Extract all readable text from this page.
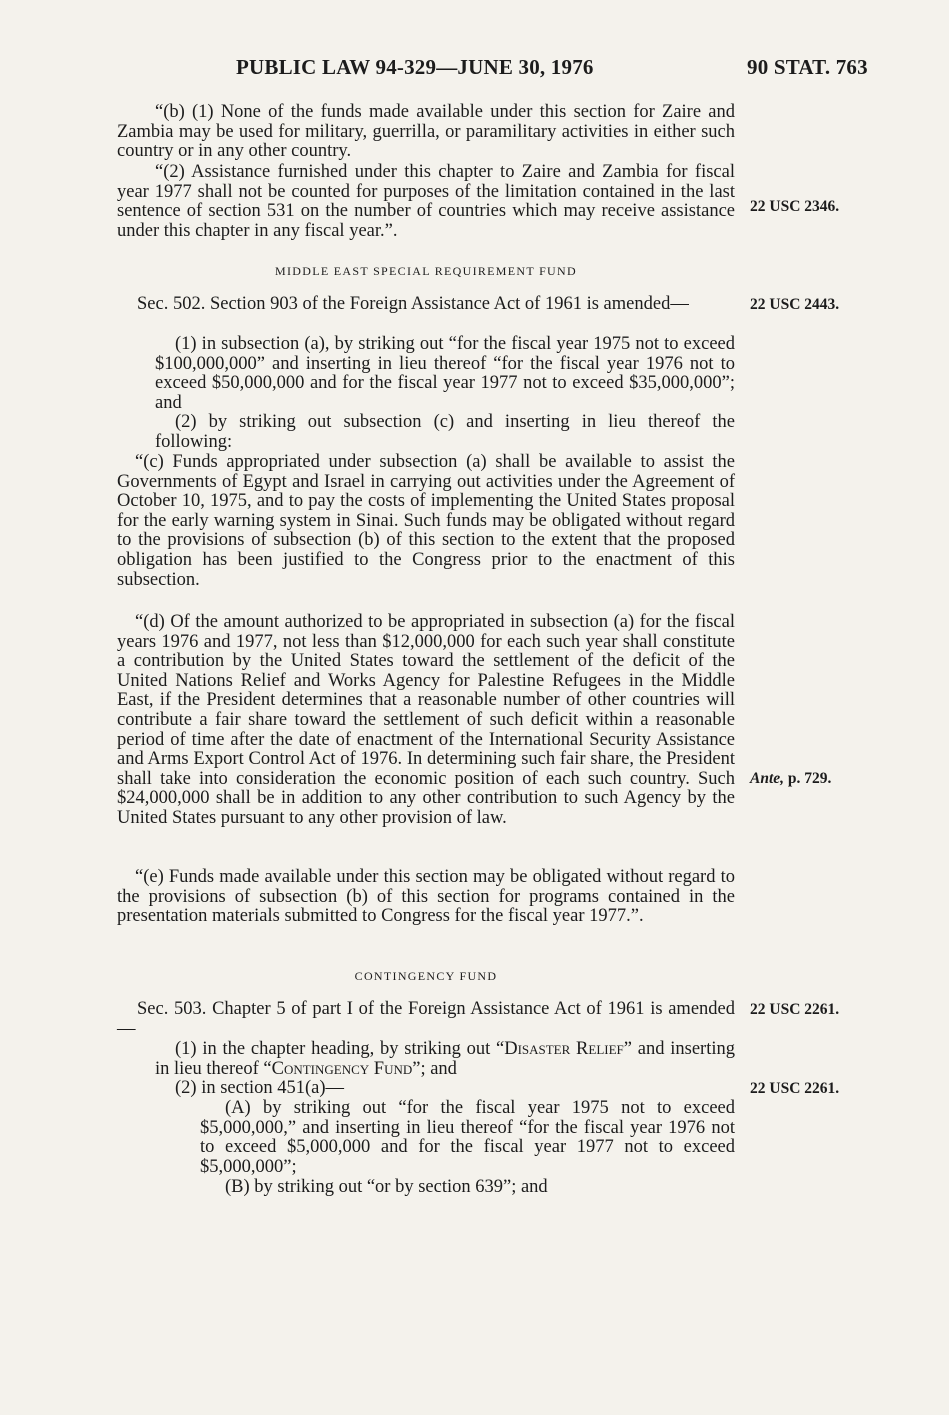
PUBLIC LAW 94-329—JUNE 30, 1976	90 STAT. 763
“(b) (1) None of the funds made available under this section for Zaire and Zambia may be used for military, guerrilla, or paramilitary activities in either such country or in any other country.
“(2) Assistance furnished under this chapter to Zaire and Zambia for fiscal year 1977 shall not be counted for purposes of the limitation contained in the last sentence of section 531 on the number of countries which may receive assistance under this chapter in any fiscal year.”.
22 USC 2346.
MIDDLE EAST SPECIAL REQUIREMENT FUND
Sec. 502. Section 903 of the Foreign Assistance Act of 1961 is amended—	22 USC 2443.
(1) in subsection (a), by striking out “for the fiscal year 1975 not to exceed $100,000,000” and inserting in lieu thereof “for the fiscal year 1976 not to exceed $50,000,000 and for the fiscal year 1977 not to exceed $35,000,000”; and
(2) by striking out subsection (c) and inserting in lieu thereof the following:
“(c) Funds appropriated under subsection (a) shall be available to assist the Governments of Egypt and Israel in carrying out activities under the Agreement of October 10, 1975, and to pay the costs of implementing the United States proposal for the early warning system in Sinai. Such funds may be obligated without regard to the provisions of subsection (b) of this section to the extent that the proposed obligation has been justified to the Congress prior to the enactment of this subsection.
“(d) Of the amount authorized to be appropriated in subsection (a) for the fiscal years 1976 and 1977, not less than $12,000,000 for each such year shall constitute a contribution by the United States toward the settlement of the deficit of the United Nations Relief and Works Agency for Palestine Refugees in the Middle East, if the President determines that a reasonable number of other countries will contribute a fair share toward the settlement of such deficit within a reasonable period of time after the date of enactment of the International Security Assistance and Arms Export Control Act of 1976. In determining such fair share, the President shall take into consideration the economic position of each such country. Such $24,000,000 shall be in addition to any other contribution to such Agency by the United States pursuant to any other provision of law.
Ante, p. 729.
“(e) Funds made available under this section may be obligated without regard to the provisions of subsection (b) of this section for programs contained in the presentation materials submitted to Congress for the fiscal year 1977.”.
CONTINGENCY FUND
Sec. 503. Chapter 5 of part I of the Foreign Assistance Act of 1961 is amended—
22 USC 2261.
(1) in the chapter heading, by striking out “Disaster Relief” and inserting in lieu thereof “Contingency Fund”; and
(2) in section 451(a)—	22 USC 2261.
(A) by striking out “for the fiscal year 1975 not to exceed $5,000,000,” and inserting in lieu thereof “for the fiscal year 1976 not to exceed $5,000,000 and for the fiscal year 1977 not to exceed $5,000,000”;
(B) by striking out “or by section 639”; and
